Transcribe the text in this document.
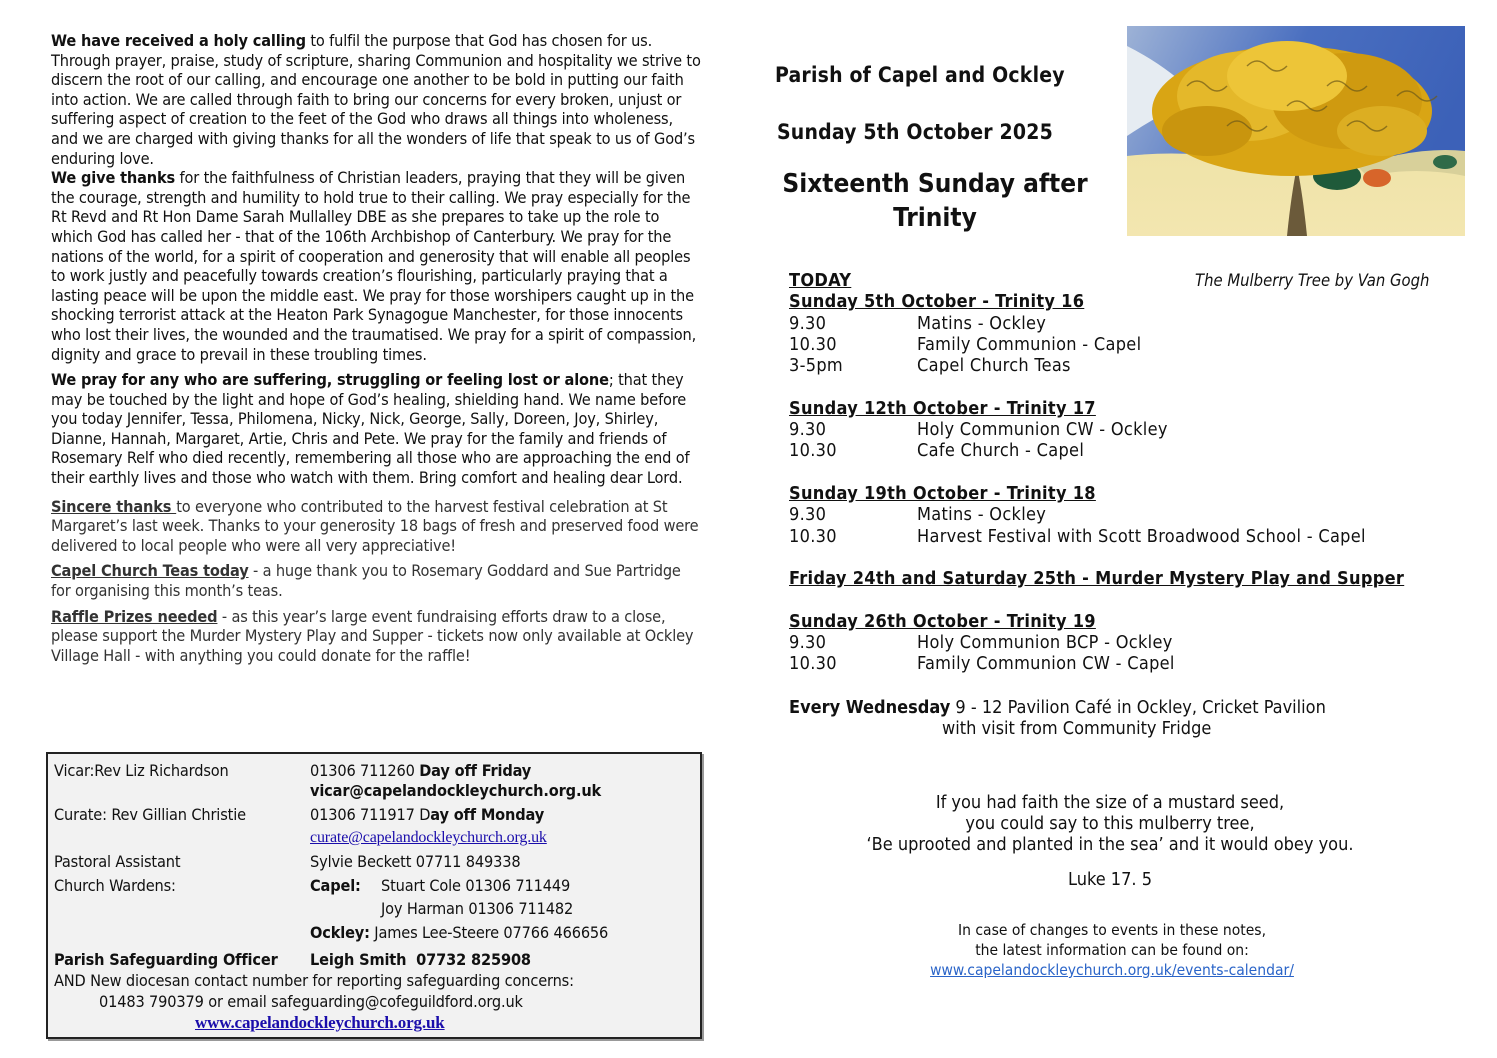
We have received a holy calling to fulfil the purpose that God has chosen for us. Through prayer, praise, study of scripture, sharing Communion and hospitality we strive to discern the root of our calling, and encourage one another to be bold in putting our faith into action. We are called through faith to bring our concerns for every broken, unjust or suffering aspect of creation to the feet of the God who draws all things into wholeness, and we are charged with giving thanks for all the wonders of life that speak to us of God’s enduring love.

We give thanks for the faithfulness of Christian leaders, praying that they will be given the courage, strength and humility to hold true to their calling. We pray especially for the Rt Revd and Rt Hon Dame Sarah Mullalley DBE as she prepares to take up the role to which God has called her - that of the 106th Archbishop of Canterbury. We pray for the nations of the world, for a spirit of cooperation and generosity that will enable all peoples to work justly and peacefully towards creation’s flourishing, particularly praying that a lasting peace will be upon the middle east. We pray for those worshipers caught up in the shocking terrorist attack at the Heaton Park Synagogue Manchester, for those innocents who lost their lives, the wounded and the traumatised. We pray for a spirit of compassion, dignity and grace to prevail in these troubling times.

We pray for any who are suffering, struggling or feeling lost or alone; that they may be touched by the light and hope of God’s healing, shielding hand. We name before you today Jennifer, Tessa, Philomena, Nicky, Nick, George, Sally, Doreen, Joy, Shirley, Dianne, Hannah, Margaret, Artie, Chris and Pete. We pray for the family and friends of Rosemary Relf who died recently, remembering all those who are approaching the end of their earthly lives and those who watch with them. Bring comfort and healing dear Lord.

Sincere thanks to everyone who contributed to the harvest festival celebration at St Margaret’s last week. Thanks to your generosity 18 bags of fresh and preserved food were delivered to local people who were all very appreciative!

Capel Church Teas today - a huge thank you to Rosemary Goddard and Sue Partridge for organising this month’s teas.

Raffle Prizes needed - as this year’s large event fundraising efforts draw to a close, please support the Murder Mystery Play and Supper - tickets now only available at Ockley Village Hall - with anything you could donate for the raffle!

Vicar:Rev Liz Richardson	01306 711260 Day off Friday
vicar@capelandockleychurch.org.uk
Curate: Rev Gillian Christie	01306 711917 Day off Monday
curate@capelandockleychurch.org.uk
Pastoral Assistant	Sylvie Beckett 07711 849338
Church Wardens:	Capel: Stuart Cole 01306 711449
Joy Harman 01306 711482
Ockley: James Lee-Steere 07766 466656
Parish Safeguarding Officer Leigh Smith  07732 825908
AND New diocesan contact number for reporting safeguarding concerns:
01483 790379 or email safeguarding@cofeguildford.org.uk
www.capelandockleychurch.org.uk
Parish of Capel and Ockley
Sunday 5th October 2025
Sixteenth Sunday after
Trinity
The Mulberry Tree by Van Gogh
TODAY
Sunday 5th October - Trinity 16
9.30	Matins - Ockley
10.30	Family Communion - Capel
3-5pm	Capel Church Teas
Sunday 12th October - Trinity 17
9.30	Holy Communion CW - Ockley
10.30	Cafe Church - Capel
Sunday 19th October - Trinity 18
9.30	Matins - Ockley
10.30	Harvest Festival with Scott Broadwood School - Capel
Friday 24th and Saturday 25th - Murder Mystery Play and Supper
Sunday 26th October - Trinity 19
9.30	Holy Communion BCP - Ockley
10.30	Family Communion CW - Capel
Every Wednesday 9 - 12 Pavilion Café in Ockley, Cricket Pavilion
with visit from Community Fridge
If you had faith the size of a mustard seed,
you could say to this mulberry tree,
‘Be uprooted and planted in the sea’ and it would obey you.
Luke 17. 5
In case of changes to events in these notes,
the latest information can be found on:
www.capelandockleychurch.org.uk/events-calendar/
